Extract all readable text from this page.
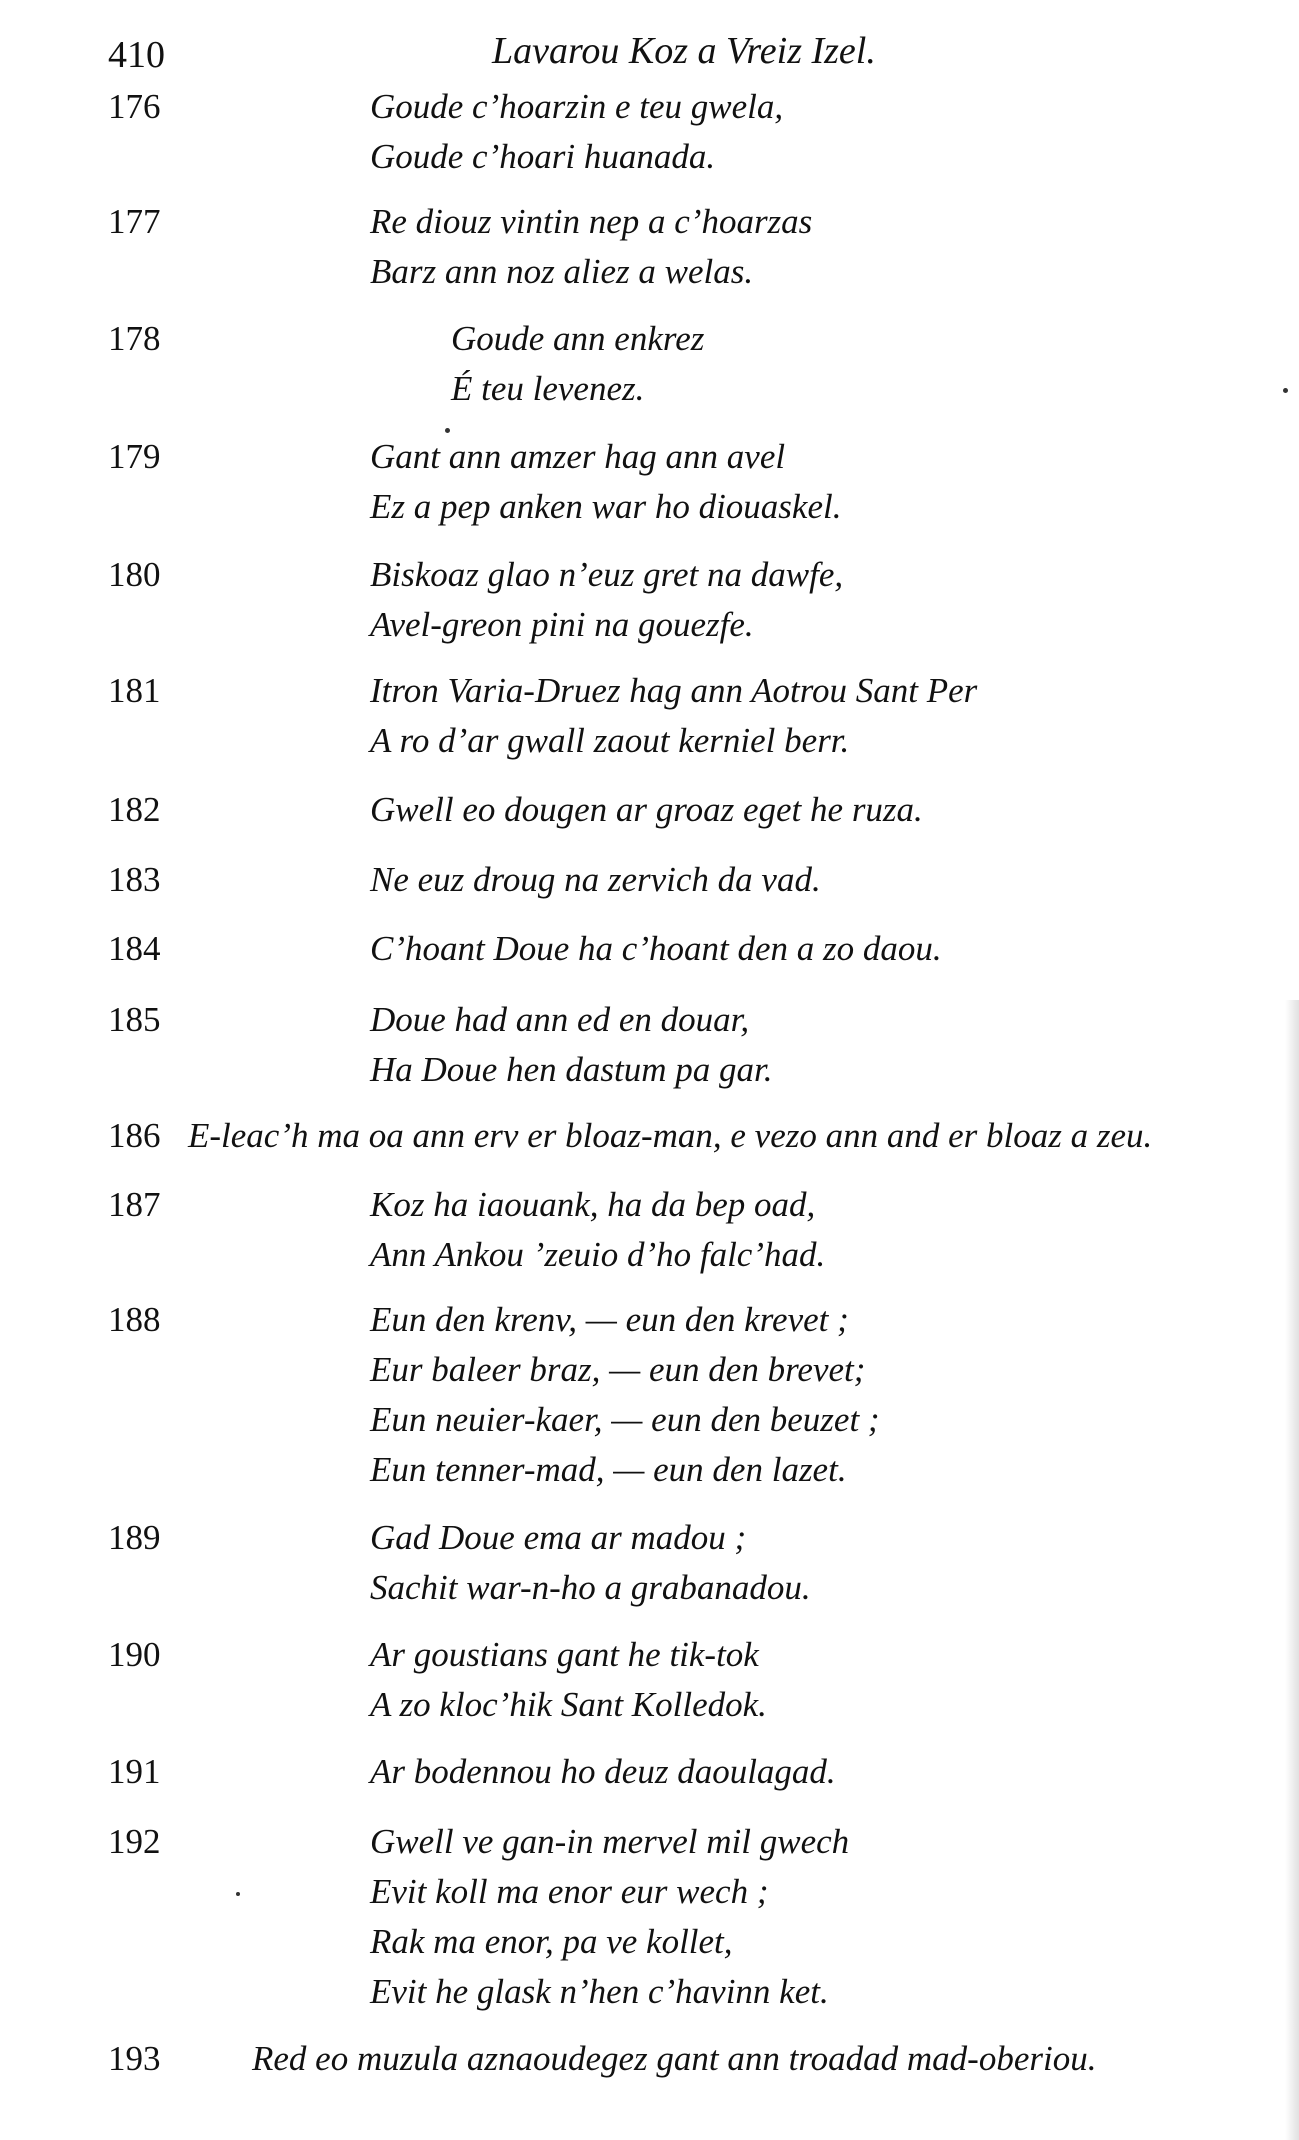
410	Lavarou Koz a Vreiz Izel.
176	Goude c’hoarzin e teu gwela,
Goude c’hoari huanada.
177	Re diouz vintin nep a c’hoarzas
Barz ann noz aliez a welas.
178	Goude ann enkrez
É teu levenez.
179	Gant ann amzer hag ann avel
Ez a pep anken war ho diouaskel.
180	Biskoaz glao n’euz gret na dawfe,
Avel-greon pini na gouezfe.
181	Itron Varia-Druez hag ann Aotrou Sant Per
A ro d’ar gwall zaout kerniel berr.
182	Gwell eo dougen ar groaz eget he ruza.
183	Ne euz droug na zervich da vad.
184	C’hoant Doue ha c’hoant den a zo daou.
185	Doue had ann ed en douar,
Ha Doue hen dastum pa gar.
186 E-leac’h ma oa ann erv er bloaz-man, e vezo ann and er bloaz a zeu.
187	Koz ha iaouank, ha da bep oad,
Ann Ankou ’zeuio d’ho falc’had.
188	Eun den krenv, — eun den krevet ;
Eur baleer braz, — eun den brevet;
Eun neuier-kaer, — eun den beuzet ;
Eun tenner-mad, — eun den lazet.
189	Gad Doue ema ar madou ;
Sachit war-n-ho a grabanadou.
190	Ar goustians gant he tik-tok
A zo kloc’hik Sant Kolledok.
191	Ar bodennou ho deuz daoulagad.
192	Gwell ve gan-in mervel mil gwech
Evit koll ma enor eur wech ;
Rak ma enor, pa ve kollet,
Evit he glask n’hen c’havinn ket.
193	Red eo muzula aznaoudegez gant ann troadad mad-oberiou.
